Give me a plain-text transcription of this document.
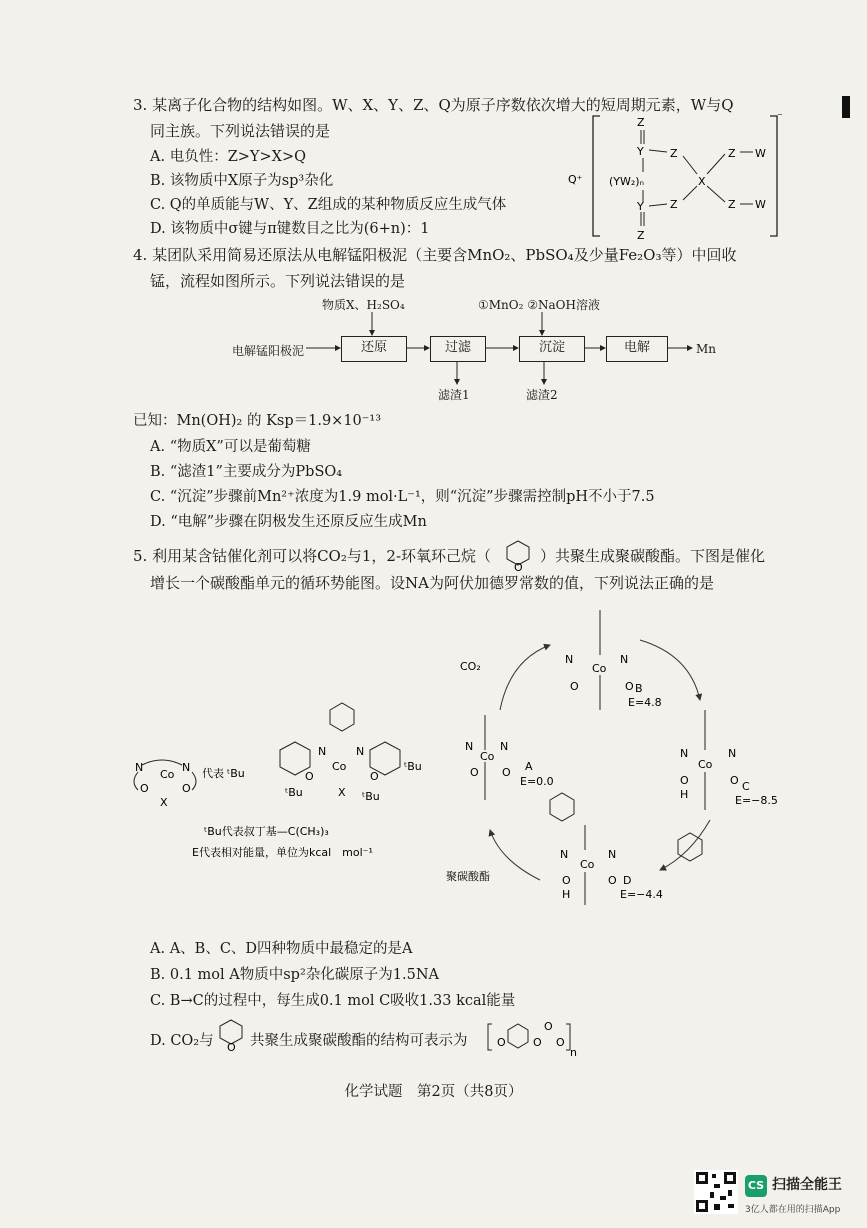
3. 某离子化合物的结构如图。W、X、Y、Z、Q为原子序数依次增大的短周期元素，W与Q
同主族。下列说法错误的是
A. 电负性：Z>Y>X>Q
B. 该物质中X原子为sp³杂化
C. Q的单质能与W、Y、Z组成的某种物质反应生成气体
D. 该物质中σ键与π键数目之比为(6+n)：1
Z
Y Z
X
Z W
(YW₂)ₙ
Y Z	Z W
Z
Q⁺
⁻
4. 某团队采用简易还原法从电解锰阳极泥（主要含MnO₂、PbSO₄及少量Fe₂O₃等）中回收
锰，流程如图所示。下列说法错误的是
物质X、H₂SO₄	①MnO₂ ②NaOH溶液
电解锰阳极泥	还原	过滤	沉淀	电解	Mn
滤渣1	滤渣2
已知：Mn(OH)₂ 的 Ksp＝1.9×10⁻¹³
A. “物质X”可以是葡萄糖
B. “滤渣1”主要成分为PbSO₄
C. “沉淀”步骤前Mn²⁺浓度为1.9 mol·L⁻¹，则“沉淀”步骤需控制pH不小于7.5
D. “电解”步骤在阴极发生还原反应生成Mn
5. 利用某含钴催化剂可以将CO₂与1，2-环氧环己烷（
O
）共聚生成聚碳酸酯。下图是催化
增长一个碳酸酯单元的循环势能图。设NA为阿伏加德罗常数的值，下列说法正确的是
N	N
Co
O	O
X
代表
N	N
Co
O	O
X
ᵗBu
ᵗBu
ᵗBu	ᵗBu
N N
Co
O O A
E=0.0
CO₂
N	N
Co
O	O B
E=4.8
N	N
Co
O
H
O C
E=−8.5
N	N
Co
O
H
O D
E=−4.4
聚碳酸酯
ᵗBu代表叔丁基—C(CH₃)₃
E代表相对能量，单位为kcal　mol⁻¹
A. A、B、C、D四种物质中最稳定的是A
B. 0.1 mol A物质中sp²杂化碳原子为1.5NA
C. B→C的过程中，每生成0.1 mol C吸收1.33 kcal能量
D. CO₂与 O 共聚生成聚碳酸酯的结构可表示为	O O
O
O
n
化学试题　第2页（共8页）
CS 扫描全能王
3亿人都在用的扫描App
